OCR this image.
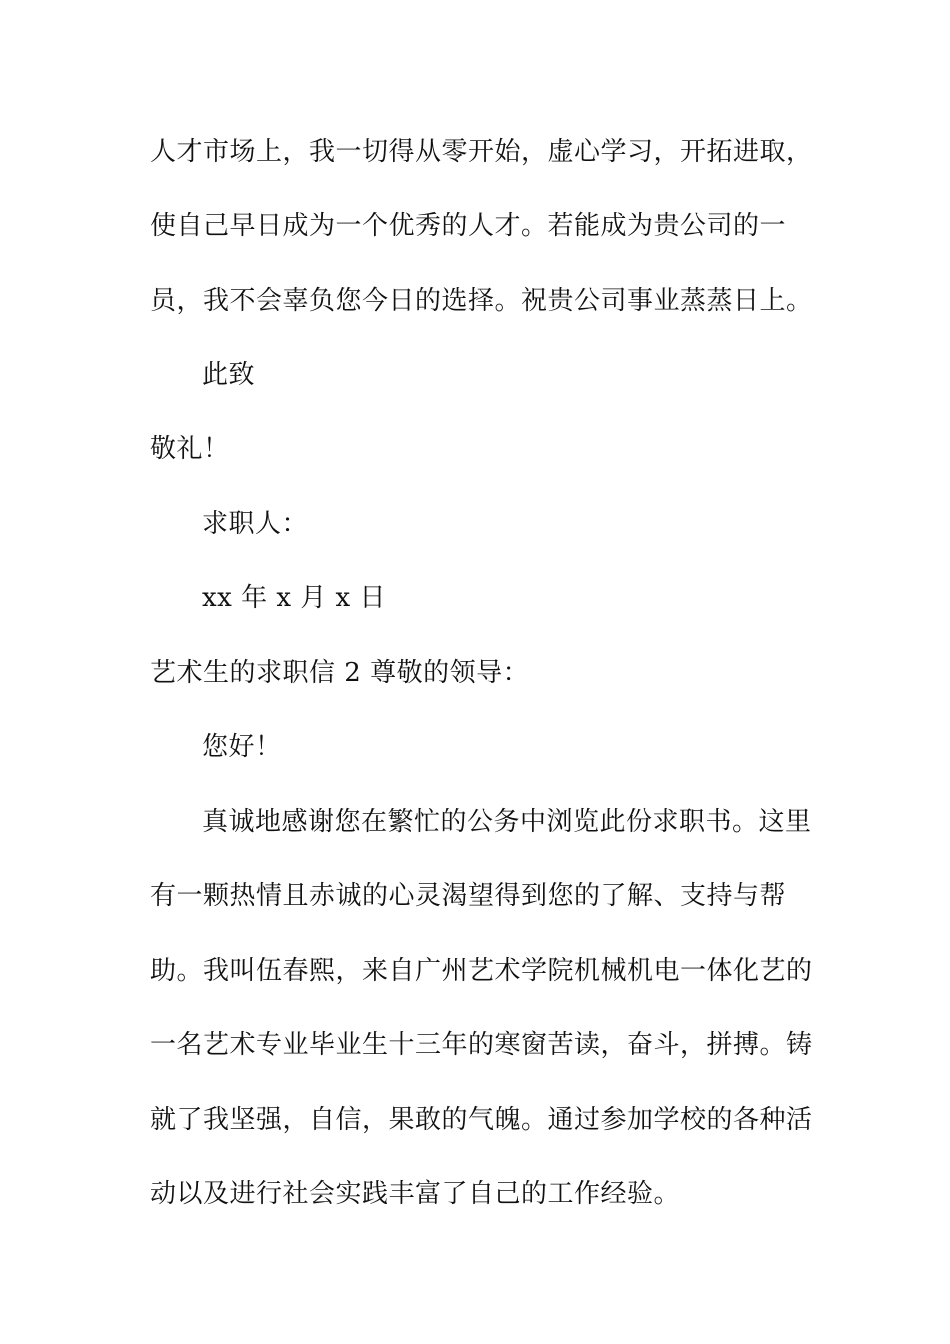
人才市场上，我一切得从零开始，虚心学习，开拓进取，
使自己早日成为一个优秀的人才。若能成为贵公司的一
员，我不会辜负您今日的选择。祝贵公司事业蒸蒸日上。
此致
敬礼！
求职人：
xx 年 x 月 x 日
艺术生的求职信 2 尊敬的领导：
您好！
真诚地感谢您在繁忙的公务中浏览此份求职书。这里
有一颗热情且赤诚的心灵渴望得到您的了解、支持与帮
助。我叫伍春熙，来自广州艺术学院机械机电一体化艺的
一名艺术专业毕业生十三年的寒窗苦读，奋斗，拼搏。铸
就了我坚强，自信，果敢的气魄。通过参加学校的各种活
动以及进行社会实践丰富了自己的工作经验。
